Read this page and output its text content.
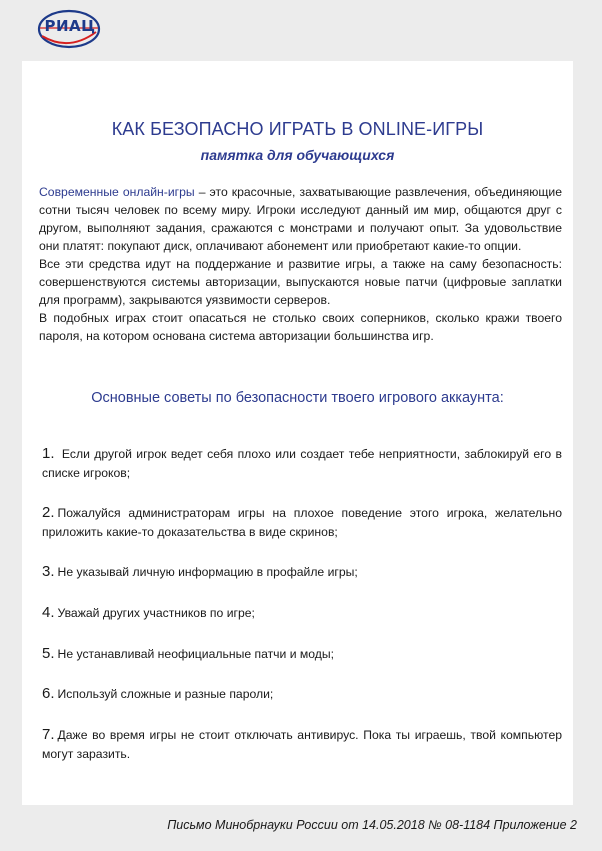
РИАЦ
КАК БЕЗОПАСНО ИГРАТЬ В ONLINE-ИГРЫ
памятка для обучающихся

Современные онлайн-игры – это красочные, захватывающие развлечения, объединяющие сотни тысяч человек по всему миру. Игроки исследуют данный им мир, общаются друг с другом, выполняют задания, сражаются с монстрами и получают опыт. За удовольствие они платят: покупают диск, оплачивают абонемент или приобретают какие-то опции.

Все эти средства идут на поддержание и развитие игры, а также на саму безопасность: совершенствуются системы авторизации, выпускаются новые патчи (цифровые заплатки для программ), закрываются уязвимости серверов.

В подобных играх стоит опасаться не столько своих соперников, сколько кражи твоего пароля, на котором основана система авторизации большинства игр.

Основные советы по безопасности твоего игрового аккаунта:

1. Если другой игрок ведет себя плохо или создает тебе неприятности, заблокируй его в списке игроков;

2. Пожалуйся администраторам игры на плохое поведение этого игрока, желательно приложить какие-то доказательства в виде скринов;

3. Не указывай личную информацию в профайле игры;

4. Уважай других участников по игре;

5. Не устанавливай неофициальные патчи и моды;

6. Используй сложные и разные пароли;

7. Даже во время игры не стоит отключать антивирус. Пока ты играешь, твой компьютер могут заразить.

Письмо Минобрнауки России от 14.05.2018 № 08-1184 Приложение 2
